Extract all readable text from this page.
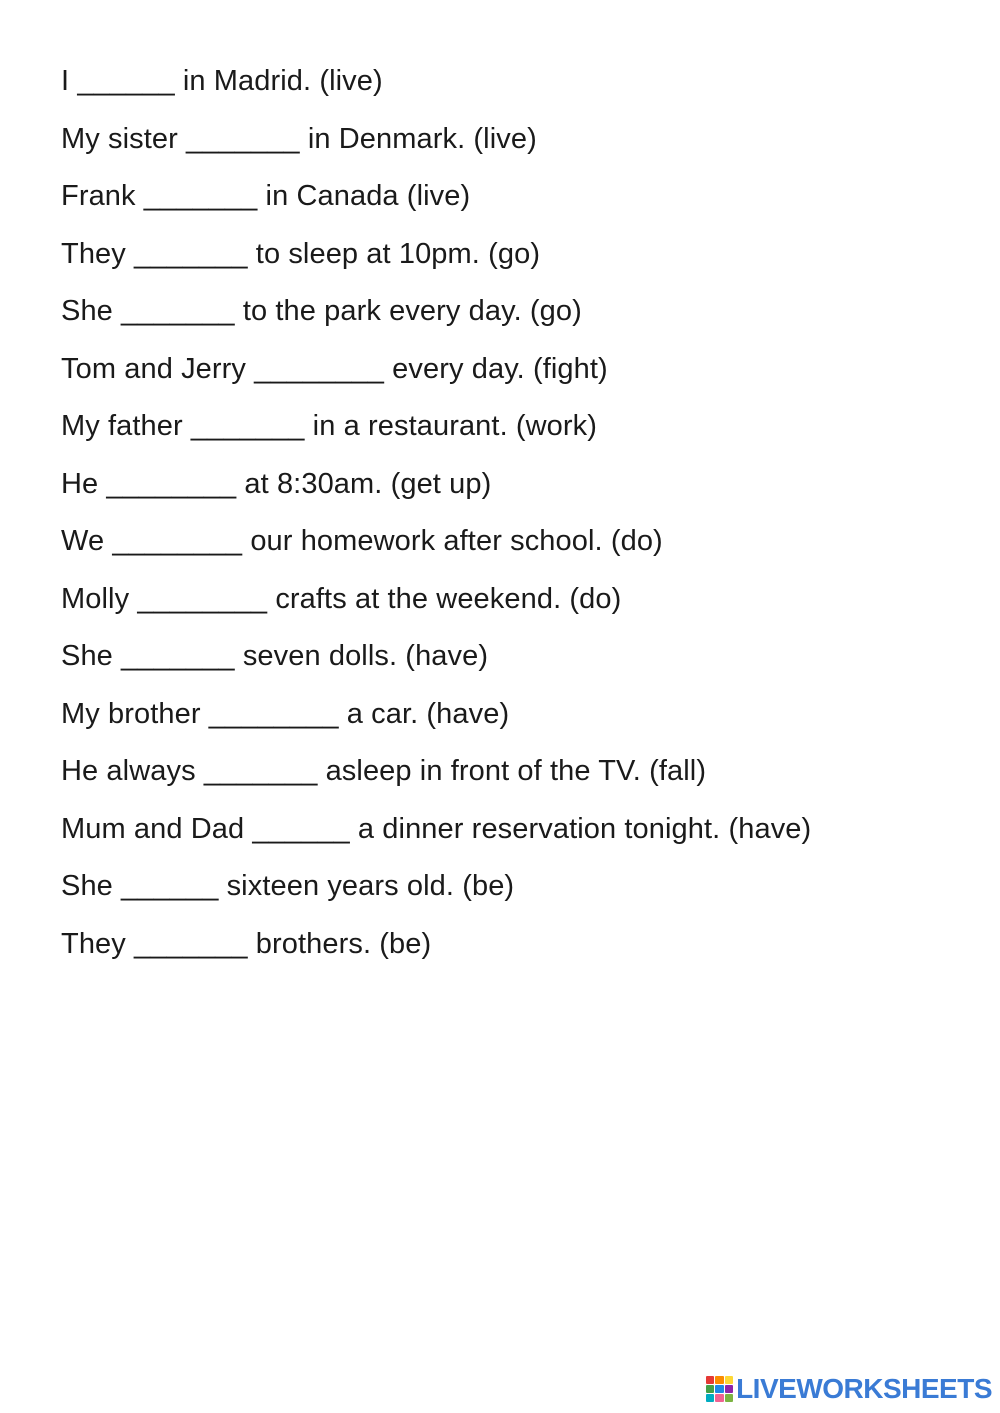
I ______ in Madrid. (live)
My sister _______ in Denmark. (live)
Frank _______ in Canada (live)
They _______ to sleep at 10pm. (go)
She _______ to the park every day. (go)
Tom and Jerry ________ every day. (fight)
My father _______ in a restaurant. (work)
He ________ at 8:30am. (get up)
We ________ our homework after school. (do)
Molly ________ crafts at the weekend. (do)
She _______ seven dolls. (have)
My brother ________ a car. (have)
He always _______ asleep in front of the TV. (fall)
Mum and Dad ______ a dinner reservation tonight. (have)
She ______ sixteen years old. (be)
They _______ brothers. (be)
LIVEWORKSHEETS
